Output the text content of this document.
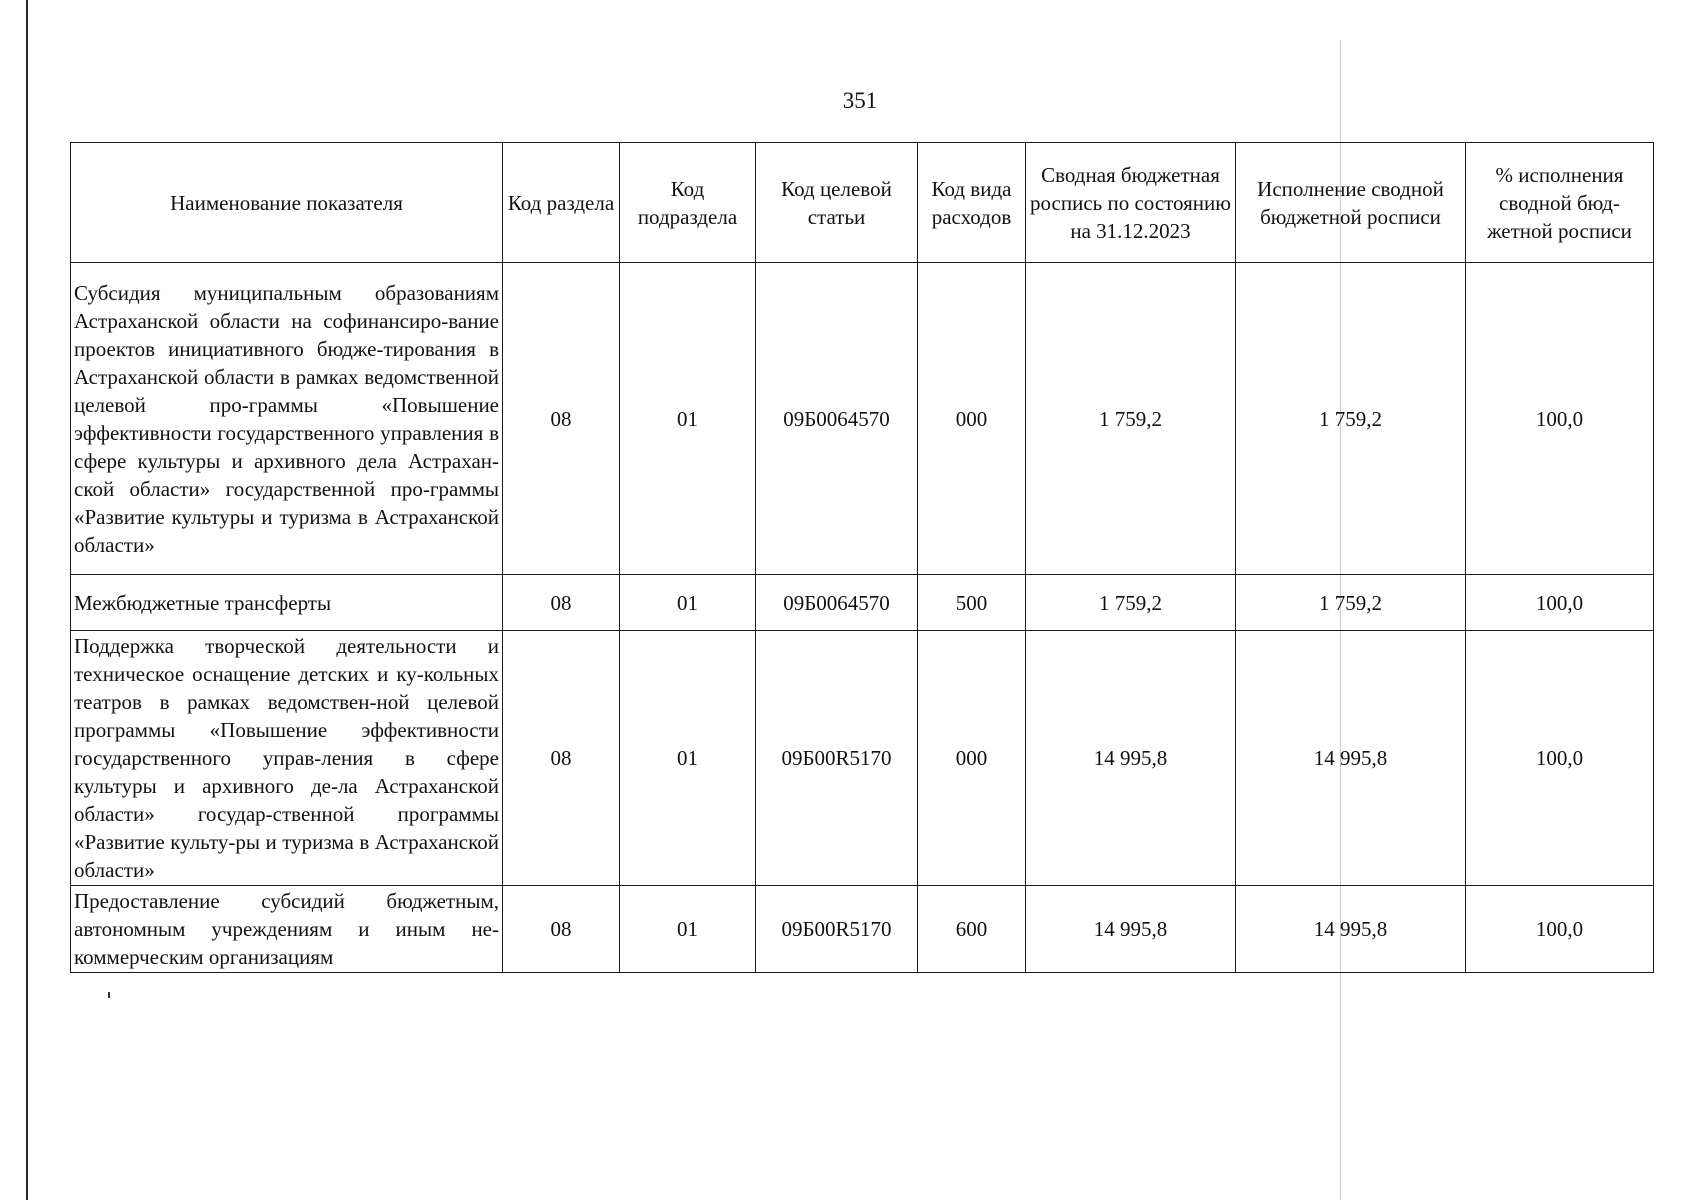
351
Наименование показателя	Код раздела	Код подраздела	Код целевой статьи	Код вида расходов	Сводная бюджетная роспись по состоянию на 31.12.2023	Исполнение сводной бюджетной росписи	% исполнения сводной бюд-жетной росписи
Субсидия муниципальным образованиям Астраханской области на софинансиро-вание проектов инициативного бюдже-тирования в Астраханской области в рамках ведомственной целевой про-граммы «Повышение эффективности государственного управления в сфере культуры и архивного дела Астрахан-ской области» государственной про-граммы «Развитие культуры и туризма в Астраханской области»	08	01	09Б0064570	000	1 759,2	1 759,2	100,0
Межбюджетные трансферты	08	01	09Б0064570	500	1 759,2	1 759,2	100,0
Поддержка творческой деятельности и техническое оснащение детских и ку-кольных театров в рамках ведомствен-ной целевой программы «Повышение эффективности государственного управ-ления в сфере культуры и архивного де-ла Астраханской области» государ-ственной программы «Развитие культу-ры и туризма в Астраханской области»	08	01	09Б00R5170	000	14 995,8	14 995,8	100,0
Предоставление субсидий бюджетным, автономным учреждениям и иным не-коммерческим организациям	08	01	09Б00R5170	600	14 995,8	14 995,8	100,0
